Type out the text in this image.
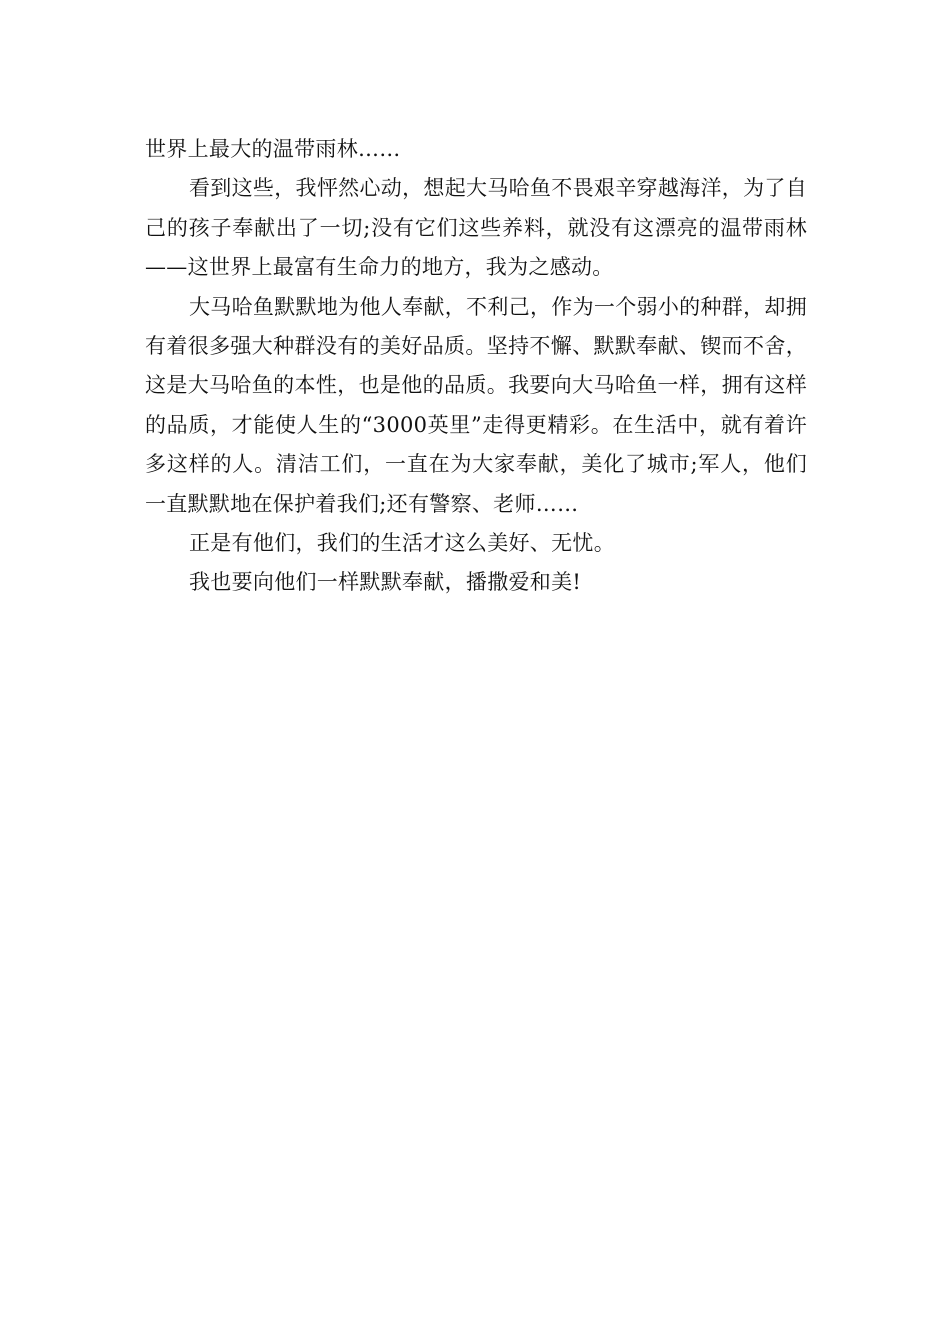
世界上最大的温带雨林……

看到这些，我怦然心动，想起大马哈鱼不畏艰辛穿越海洋，为了自己的孩子奉献出了一切;没有它们这些养料，就没有这漂亮的温带雨林——这世界上最富有生命力的地方，我为之感动。

大马哈鱼默默地为他人奉献，不利己，作为一个弱小的种群，却拥有着很多强大种群没有的美好品质。坚持不懈、默默奉献、锲而不舍，这是大马哈鱼的本性，也是他的品质。我要向大马哈鱼一样，拥有这样的品质，才能使人生的“3000英里”走得更精彩。在生活中，就有着许多这样的人。清洁工们，一直在为大家奉献，美化了城市;军人，他们一直默默地在保护着我们;还有警察、老师……

正是有他们，我们的生活才这么美好、无忧。

我也要向他们一样默默奉献，播撒爱和美!
